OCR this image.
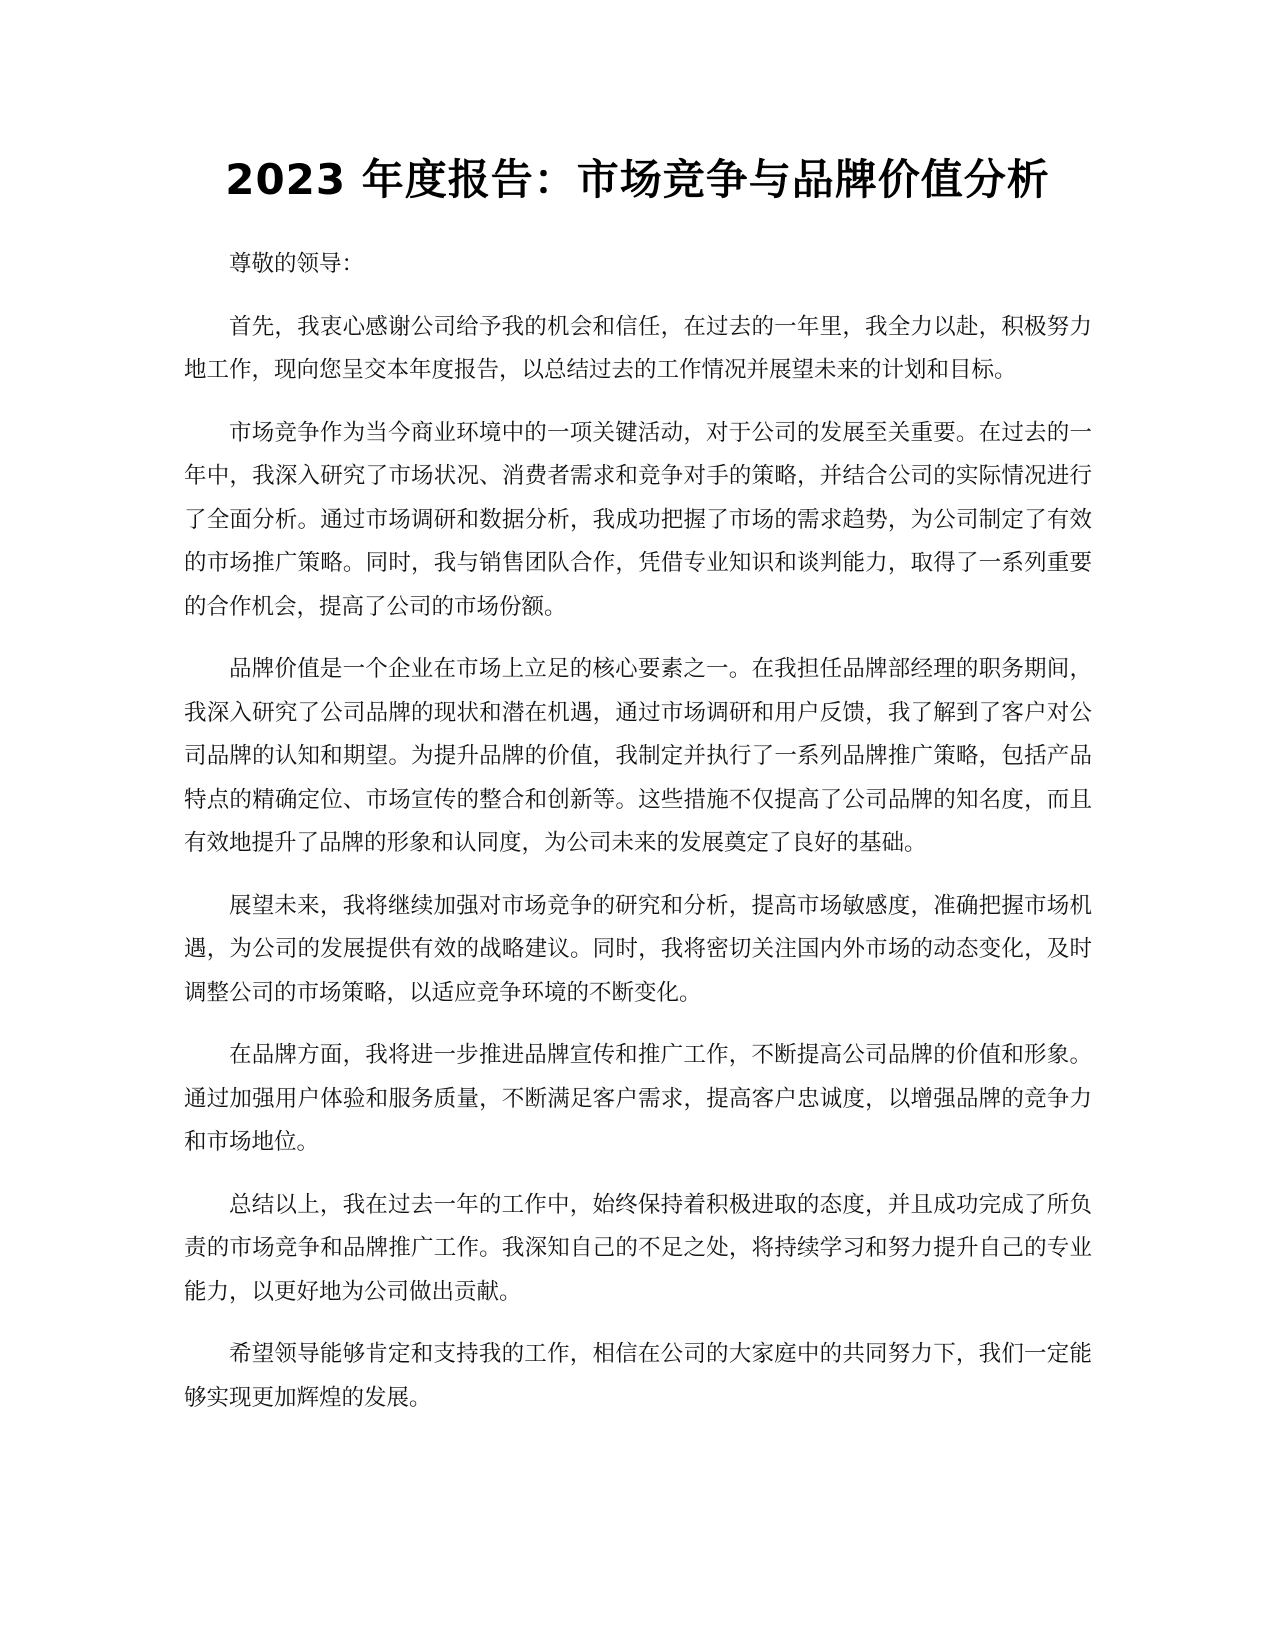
2023 年度报告：市场竞争与品牌价值分析

尊敬的领导：

首先，我衷心感谢公司给予我的机会和信任，在过去的一年里，我全力以赴，积极努力地工作，现向您呈交本年度报告，以总结过去的工作情况并展望未来的计划和目标。

市场竞争作为当今商业环境中的一项关键活动，对于公司的发展至关重要。在过去的一年中，我深入研究了市场状况、消费者需求和竞争对手的策略，并结合公司的实际情况进行了全面分析。通过市场调研和数据分析，我成功把握了市场的需求趋势，为公司制定了有效的市场推广策略。同时，我与销售团队合作，凭借专业知识和谈判能力，取得了一系列重要的合作机会，提高了公司的市场份额。

品牌价值是一个企业在市场上立足的核心要素之一。在我担任品牌部经理的职务期间，我深入研究了公司品牌的现状和潜在机遇，通过市场调研和用户反馈，我了解到了客户对公司品牌的认知和期望。为提升品牌的价值，我制定并执行了一系列品牌推广策略，包括产品特点的精确定位、市场宣传的整合和创新等。这些措施不仅提高了公司品牌的知名度，而且有效地提升了品牌的形象和认同度，为公司未来的发展奠定了良好的基础。

展望未来，我将继续加强对市场竞争的研究和分析，提高市场敏感度，准确把握市场机遇，为公司的发展提供有效的战略建议。同时，我将密切关注国内外市场的动态变化，及时调整公司的市场策略，以适应竞争环境的不断变化。

在品牌方面，我将进一步推进品牌宣传和推广工作，不断提高公司品牌的价值和形象。通过加强用户体验和服务质量，不断满足客户需求，提高客户忠诚度，以增强品牌的竞争力和市场地位。

总结以上，我在过去一年的工作中，始终保持着积极进取的态度，并且成功完成了所负责的市场竞争和品牌推广工作。我深知自己的不足之处，将持续学习和努力提升自己的专业能力，以更好地为公司做出贡献。

希望领导能够肯定和支持我的工作，相信在公司的大家庭中的共同努力下，我们一定能够实现更加辉煌的发展。
